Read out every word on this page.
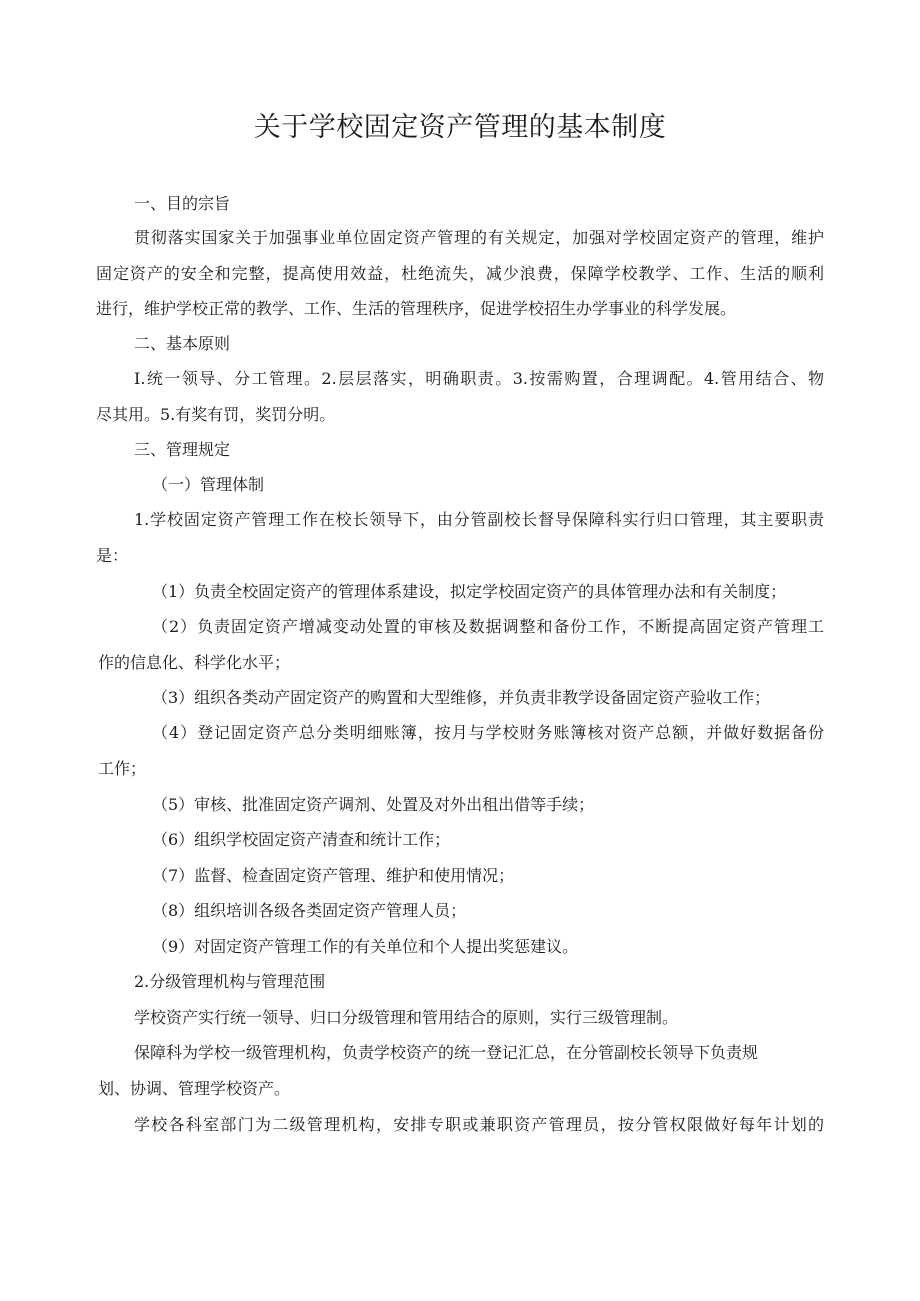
关于学校固定资产管理的基本制度
一、目的宗旨
贯彻落实国家关于加强事业单位固定资产管理的有关规定，加强对学校固定资产的管理，维护
固定资产的安全和完整，提高使用效益，杜绝流失，减少浪费，保障学校教学、工作、生活的顺利
进行，维护学校正常的教学、工作、生活的管理秩序，促进学校招生办学事业的科学发展。
二、基本原则
I.统一领导、分工管理。2.层层落实，明确职责。3.按需购置，合理调配。4.管用结合、物
尽其用。5.有奖有罚，奖罚分明。
三、管理规定
（一）管理体制
1.学校固定资产管理工作在校长领导下，由分管副校长督导保障科实行归口管理，其主要职责
是：
（1）负责全校固定资产的管理体系建设，拟定学校固定资产的具体管理办法和有关制度；
（2）负责固定资产增减变动处置的审核及数据调整和备份工作，不断提高固定资产管理工
作的信息化、科学化水平；
（3）组织各类动产固定资产的购置和大型维修，并负责非教学设备固定资产验收工作；
（4）登记固定资产总分类明细账簿，按月与学校财务账簿核对资产总额，并做好数据备份
工作；
（5）审核、批准固定资产调剂、处置及对外出租出借等手续；
（6）组织学校固定资产清查和统计工作；
（7）监督、检查固定资产管理、维护和使用情况；
（8）组织培训各级各类固定资产管理人员；
（9）对固定资产管理工作的有关单位和个人提出奖惩建议。
2.分级管理机构与管理范围
学校资产实行统一领导、归口分级管理和管用结合的原则，实行三级管理制。
保障科为学校一级管理机构，负责学校资产的统一登记汇总，在分管副校长领导下负责规
划、协调、管理学校资产。
学校各科室部门为二级管理机构，安排专职或兼职资产管理员，按分管权限做好每年计划的
